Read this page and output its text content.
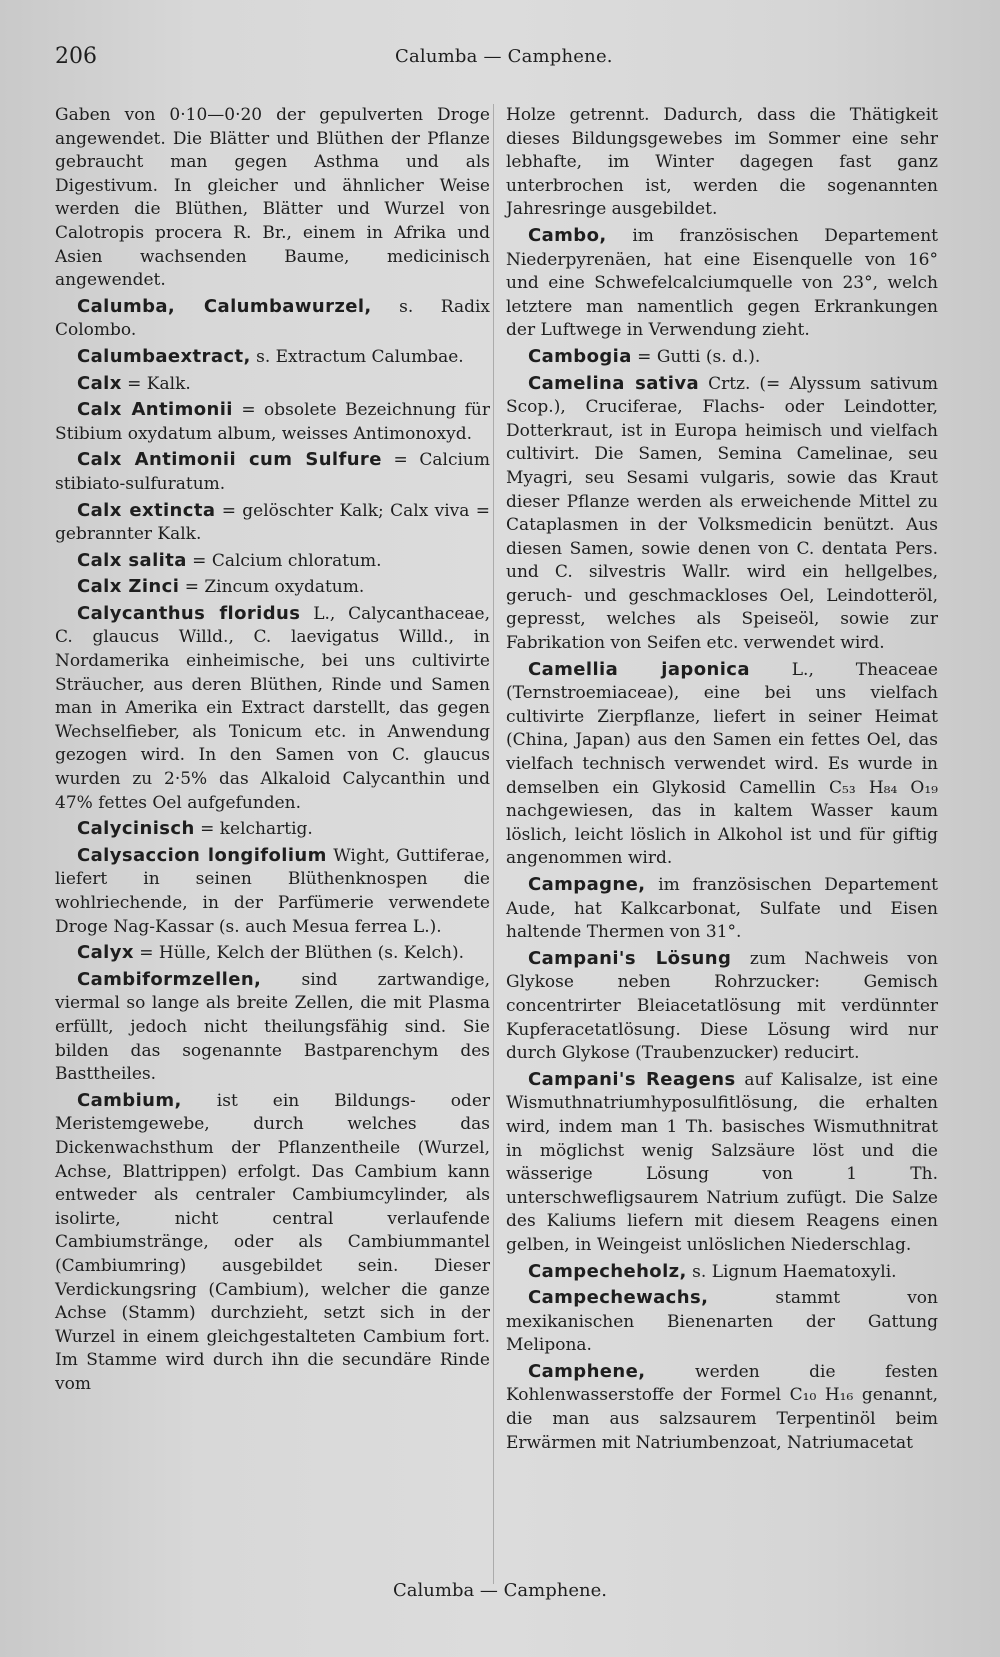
206	Calumba — Camphene.

Gaben von 0·10—0·20 der gepulverten Droge angewendet. Die Blätter und Blüthen der Pflanze gebraucht man gegen Asthma und als Digestivum. In gleicher und ähnlicher Weise werden die Blüthen, Blätter und Wurzel von Calotropis procera R. Br., einem in Afrika und Asien wachsenden Baume, medicinisch angewendet.

Calumba, Calumbawurzel, s. Radix Colombo.

Calumbaextract, s. Extractum Calumbae.

Calx = Kalk.

Calx Antimonii = obsolete Bezeichnung für Stibium oxydatum album, weisses Antimonoxyd.

Calx Antimonii cum Sulfure = Calcium stibiato-sulfuratum.

Calx extincta = gelöschter Kalk; Calx viva = gebrannter Kalk.

Calx salita = Calcium chloratum.

Calx Zinci = Zincum oxydatum.

Calycanthus floridus L., Calycanthaceae, C. glaucus Willd., C. laevigatus Willd., in Nordamerika einheimische, bei uns cultivirte Sträucher, aus deren Blüthen, Rinde und Samen man in Amerika ein Extract darstellt, das gegen Wechselfieber, als Tonicum etc. in Anwendung gezogen wird. In den Samen von C. glaucus wurden zu 2·5% das Alkaloid Calycanthin und 47% fettes Oel aufgefunden.

Calycinisch = kelchartig.

Calysaccion longifolium Wight, Guttiferae, liefert in seinen Blüthenknospen die wohlriechende, in der Parfümerie verwendete Droge Nag-Kassar (s. auch Mesua ferrea L.).

Calyx = Hülle, Kelch der Blüthen (s. Kelch).

Cambiformzellen, sind zartwandige, viermal so lange als breite Zellen, die mit Plasma erfüllt, jedoch nicht theilungsfähig sind. Sie bilden das sogenannte Bastparenchym des Basttheiles.

Cambium, ist ein Bildungs- oder Meristemgewebe, durch welches das Dickenwachsthum der Pflanzentheile (Wurzel, Achse, Blattrippen) erfolgt. Das Cambium kann entweder als centraler Cambiumcylinder, als isolirte, nicht central verlaufende Cambiumstränge, oder als Cambiummantel (Cambiumring) ausgebildet sein. Dieser Verdickungsring (Cambium), welcher die ganze Achse (Stamm) durchzieht, setzt sich in der Wurzel in einem gleichgestalteten Cambium fort. Im Stamme wird durch ihn die secundäre Rinde vom

Holze getrennt. Dadurch, dass die Thätigkeit dieses Bildungsgewebes im Sommer eine sehr lebhafte, im Winter dagegen fast ganz unterbrochen ist, werden die sogenannten Jahresringe ausgebildet.

Cambo, im französischen Departement Niederpyrenäen, hat eine Eisenquelle von 16° und eine Schwefelcalciumquelle von 23°, welch letztere man namentlich gegen Erkrankungen der Luftwege in Verwendung zieht.

Cambogia = Gutti (s. d.).

Camelina sativa Crtz. (= Alyssum sativum Scop.), Cruciferae, Flachs- oder Leindotter, Dotterkraut, ist in Europa heimisch und vielfach cultivirt. Die Samen, Semina Camelinae, seu Myagri, seu Sesami vulgaris, sowie das Kraut dieser Pflanze werden als erweichende Mittel zu Cataplasmen in der Volksmedicin benützt. Aus diesen Samen, sowie denen von C. dentata Pers. und C. silvestris Wallr. wird ein hellgelbes, geruch- und geschmackloses Oel, Leindotteröl, gepresst, welches als Speiseöl, sowie zur Fabrikation von Seifen etc. verwendet wird.

Camellia japonica L., Theaceae (Ternstroemiaceae), eine bei uns vielfach cultivirte Zierpflanze, liefert in seiner Heimat (China, Japan) aus den Samen ein fettes Oel, das vielfach technisch verwendet wird. Es wurde in demselben ein Glykosid Camellin C₅₃ H₈₄ O₁₉ nachgewiesen, das in kaltem Wasser kaum löslich, leicht löslich in Alkohol ist und für giftig angenommen wird.

Campagne, im französischen Departement Aude, hat Kalkcarbonat, Sulfate und Eisen haltende Thermen von 31°.

Campani's Lösung zum Nachweis von Glykose neben Rohrzucker: Gemisch concentrirter Bleiacetatlösung mit verdünnter Kupferacetatlösung. Diese Lösung wird nur durch Glykose (Traubenzucker) reducirt.

Campani's Reagens auf Kalisalze, ist eine Wismuthnatriumhyposulfitlösung, die erhalten wird, indem man 1 Th. basisches Wismuthnitrat in möglichst wenig Salzsäure löst und die wässerige Lösung von 1 Th. unterschwefligsaurem Natrium zufügt. Die Salze des Kaliums liefern mit diesem Reagens einen gelben, in Weingeist unlöslichen Niederschlag.

Campecheholz, s. Lignum Haematoxyli.

Campechewachs,	stammt von mexikanischen Bienenarten der Gattung Melipona.

Camphene,	werden die festen Kohlenwasserstoffe der Formel C₁₀ H₁₆ genannt, die man aus salzsaurem Terpentinöl beim Erwärmen mit Natriumbenzoat, Natriumacetat

Calumba — Camphene.
